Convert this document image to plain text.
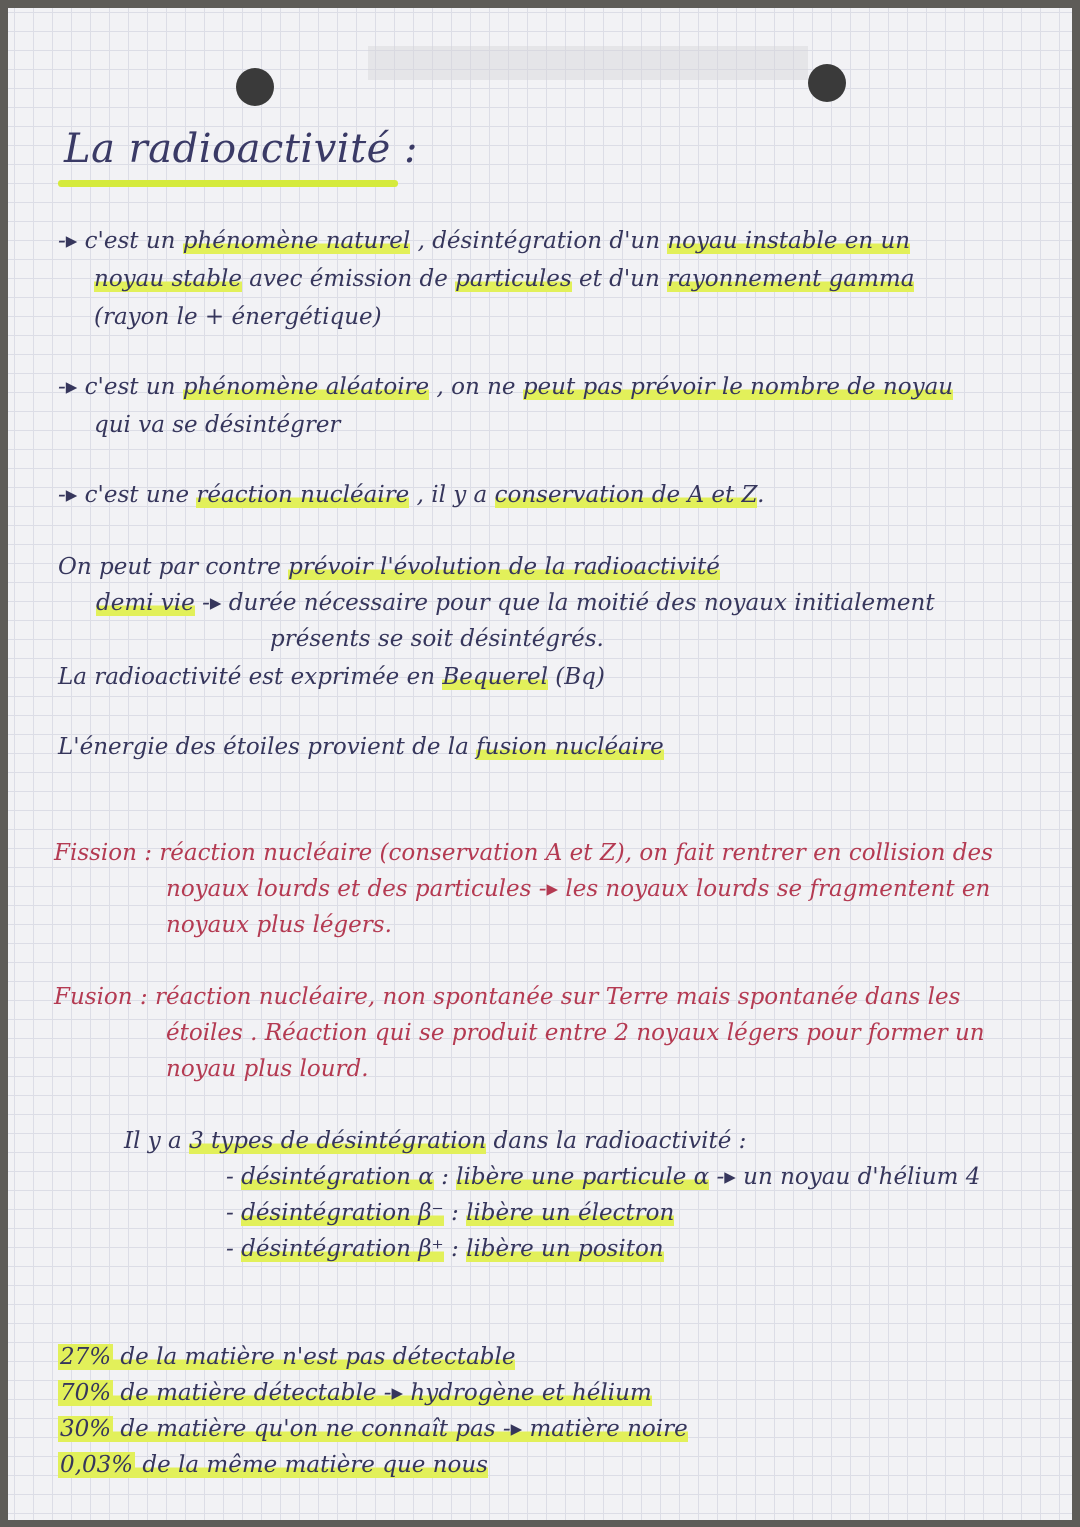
La radioactivité :

-▸ c'est un phénomène naturel , désintégration d'un noyau instable en un

noyau stable avec émission de particules et d'un rayonnement gamma

(rayon le + énergétique)

-▸ c'est un phénomène aléatoire , on ne peut pas prévoir le nombre de noyau

qui va se désintégrer

-▸ c'est une réaction nucléaire , il y a conservation de A et Z.

On peut par contre prévoir l'évolution de la radioactivité

demi vie -▸ durée nécessaire pour que la moitié des noyaux initialement

présents se soit désintégrés.

La radioactivité est exprimée en Bequerel (Bq)

L'énergie des étoiles provient de la fusion nucléaire

Fission : réaction nucléaire (conservation A et Z), on fait rentrer en collision des

noyaux lourds et des particules -▸ les noyaux lourds se fragmentent en

noyaux plus légers.

Fusion : réaction nucléaire, non spontanée sur Terre mais spontanée dans les

étoiles . Réaction qui se produit entre 2 noyaux légers pour former un

noyau plus lourd.

Il y a 3 types de désintégration dans la radioactivité :

- désintégration α : libère une particule α -▸ un noyau d'hélium 4

- désintégration β⁻ : libère un électron

- désintégration β⁺ : libère un positon

27% de la matière n'est pas détectable

70% de matière détectable -▸ hydrogène et hélium

30% de matière qu'on ne connaît pas -▸ matière noire

0,03% de la même matière que nous
